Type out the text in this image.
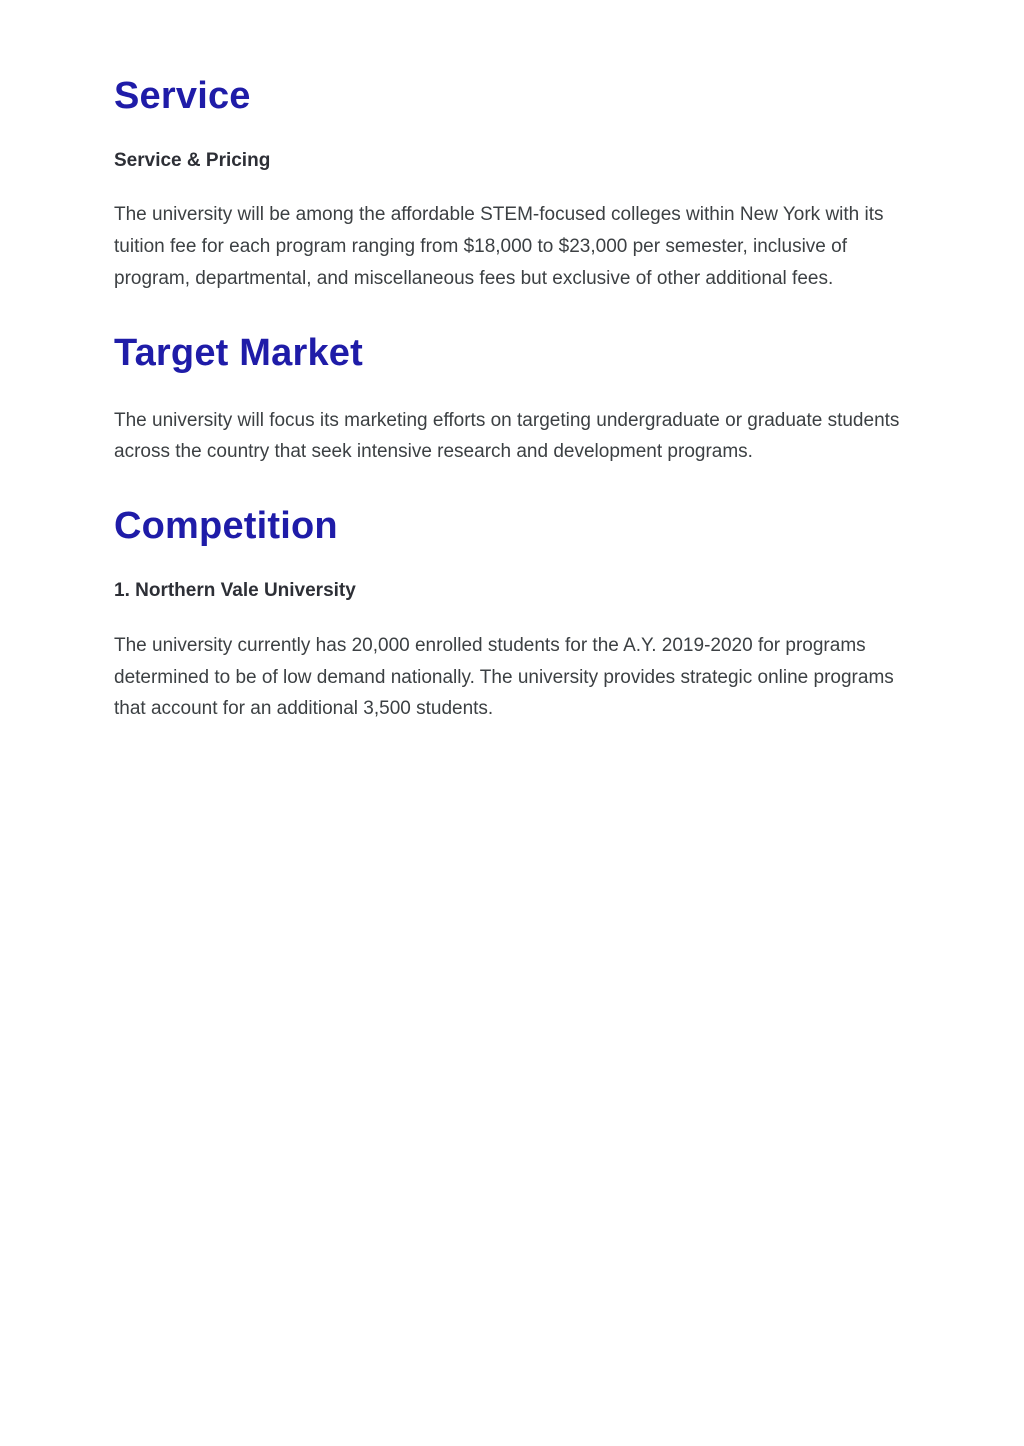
Service
Service & Pricing

The university will be among the affordable STEM-focused colleges within New York with its tuition fee for each program ranging from $18,000 to $23,000 per semester, inclusive of program, departmental, and miscellaneous fees but exclusive of other additional fees.

Target Market

The university will focus its marketing efforts on targeting undergraduate or graduate students across the country that seek intensive research and development programs.

Competition
1. Northern Vale University

The university currently has 20,000 enrolled students for the A.Y. 2019-2020 for programs determined to be of low demand nationally. The university provides strategic online programs that account for an additional 3,500 students.
